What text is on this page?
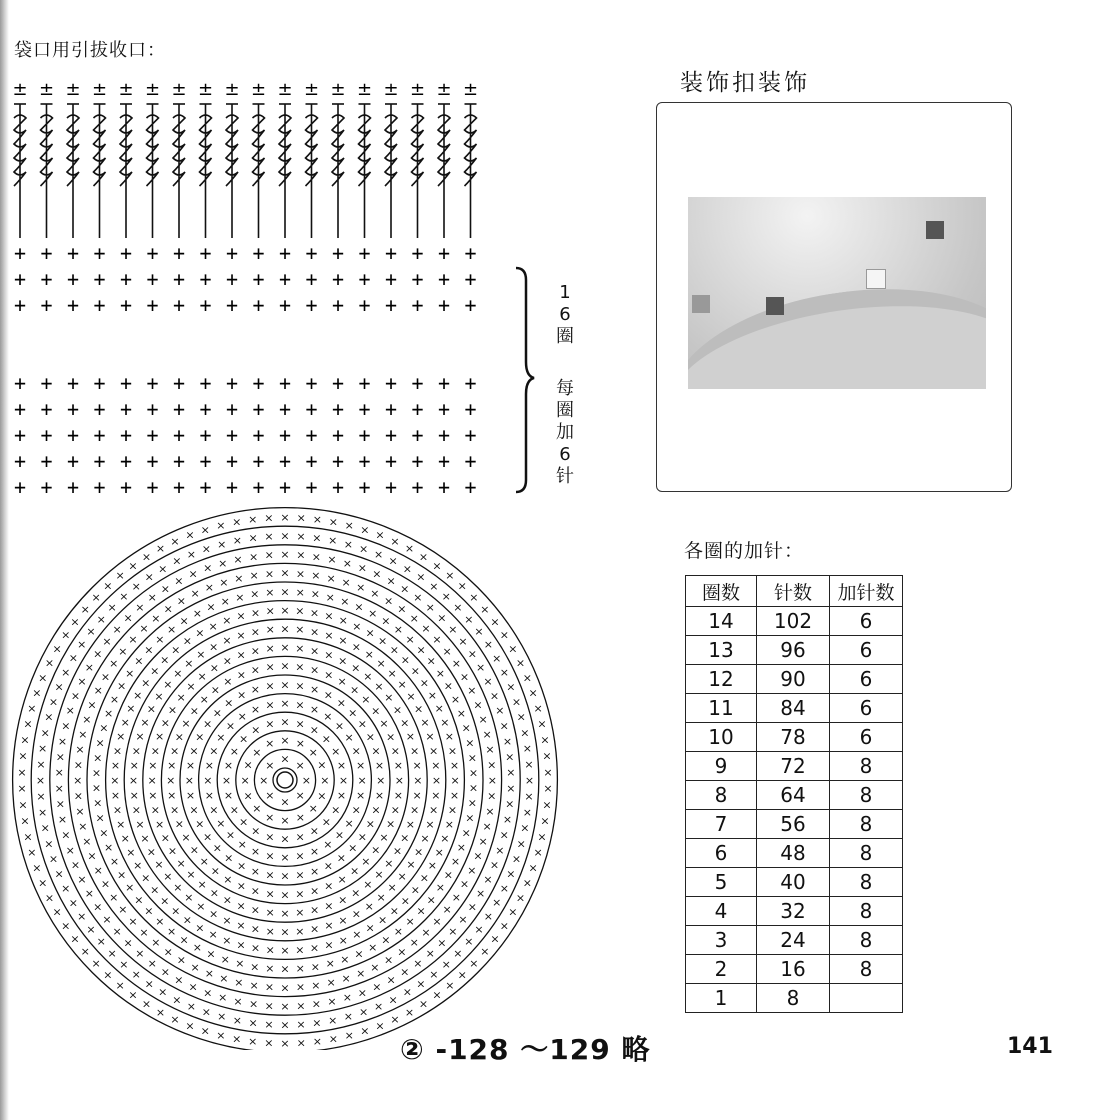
袋口用引拔收口：
± ± ± ± ± ± ± ± ± ± ± ± ± ± ± ± ± ±
+ + + + + + + + + + + + + + + + + +
+ + + + + + + + + + + + + + + + + +
+ + + + + + + + + + + + + + + + + +
+ + + + + + + + + + + + + + + + + +
+ + + + + + + + + + + + + + + + + +
+ + + + + + + + + + + + + + + + + +
+ + + + + + + + + + + + + + + + + +
+ + + + + + + + + + + + + + + + + +
1
6
圈
每
圈
加
6
针
装饰扣装饰
各圈的加针：
圈数	针数	加针数
14	102	6
13	96	6
12	90	6
11	84	6
10	78	6
9	72	8
8	64	8
7	56	8
6	48	8
5	40	8
4	32	8
3	24	8
2	16	8
1	8	
× ×
×
×
×
×
×
×
× ×
×
×
×
×
×
×
×
×
×
×
×
×
×
×
× × ×
×
×
×
×
×
×
×
×
×
×
×
×
×
×
×
×
×
×
×
× ×
× × ×
×
×
×
×
×
×
×
×
×
×
×
×
×
×
×
×
×
×
×
×
×
×
×
×
×
×
×
× ×
× × × ×
×
×
×
×
×
×
×
×
×
×
×
×
×
×
×
×
×
×
×
×
×
×
×
×
×
×
×
×
×
×
×
×
×
× × ×
× × × ×
×
×
×
×
×
×
×
×
×
×
×
×
×
×
×
×
×
×
×
×
×
×
×
×
×
×
×
×
×
×
×
×
×
×
×
×
×
×
×
×
×
× × ×
× × × × ×
×
×
×
×
×
×
×
×
×
×
×
×
×
×
×
×
×
×
×
×
×
×
×
×
×
×
×
×
×
×
×
×
×
×
×
×
×
×
×
×
×
×
×
×
×
×
×
× × × ×
× × × × × ×
×
×
×
×
×
×
×
×
×
×
×
×
×
×
×
×
×
×
×
×
×
×
×
×
×
×
×
×
×
×
×
×
×
×
×
×
×
×
×
×
×
×
×
×
×
×
×
×
×
×
×
×
×
× × × × ×
× × × × × ×
×
×
×
×
×
×
×
×
×
×
×
×
×
×
×
×
×
×
×
×
×
×
×
×
×
×
×
×
×
×
×
×
×
×
×
×
×
×
×
×
×
×
×
×
×
×
×
×
×
×
×
×
×
×
×
×
×
×
×
×
×
× × × × ×
× × × × × × ×
×
×
×
×
×
×
×
×
×
×
×
×
×
×
×
×
×
×
×
×
×
×
×
×
×
×
×
×
×
×
×
×
×
×
×
×
×
×
×
×
×
×
×
×
×
×
×
×
×
×
×
×
×
×
×
×
×
×
×
×
×
×
×
×
×
× × × × × ×
× × × × × × ×
×
×
×
×
×
×
×
×
×
×
×
×
×
×
×
×
×
×
×
×
×
×
×
×
×
×
×
×
×
×
×
×
×
×
×
×
×
×
×
×
×
×
×
×
×
×
×
×
×
×
×
×
×
×
×
×
×
×
×
×
×
×
×
×
×
×
×
×
×
×
×
× × × × × ×
× × × × × × ×
×
×
×
×
×
×
×
×
×
×
×
×
×
×
×
×
×
×
×
×
×
×
×
×
×
×
×
×
×
×
×
×
×
×
×
×
×
×
×
×
×
×
×
×
×
×
×
×
×
×
×
×
×
×
×
×
×
×
×
×
×
×
×
×
×
×
×
×
×
×
×
×
×
×
×
×
×
× × × × × ×
× × × × × × ×
×
×
×
×
×
×
×
×
×
×
×
×
×
×
×
×
×
×
×
×
×
×
×
×
×
×
×
×
×
×
×
×
×
×
×
×
×
×
×
×
×
×
×
×
×
×
×
×
×
×
×
×
×
×
×
×
×
×
×
×
×
×
×
×
×
×
×
×
×
×
×
×
×
×
×
×
×
×
×
×
×
×
×
× × × × × ×
× × × × × × × ×
×
×
×
×
×
×
×
×
×
×
×
×
×
×
×
×
×
×
×
×
×
×
×
×
×
×
×
×
×
×
×
×
×
×
×
×
×
×
×
×
×
×
×
×
×
×
×
×
×
×
×
×
×
×
×
×
×
×
×
×
×
×
×
×
×
×
×
×
×
×
×
×
×
×
×
×
×
×
×
×
×
×
×
×
×
×
×
× × × × × × ×
② -128 ～129 略	141
